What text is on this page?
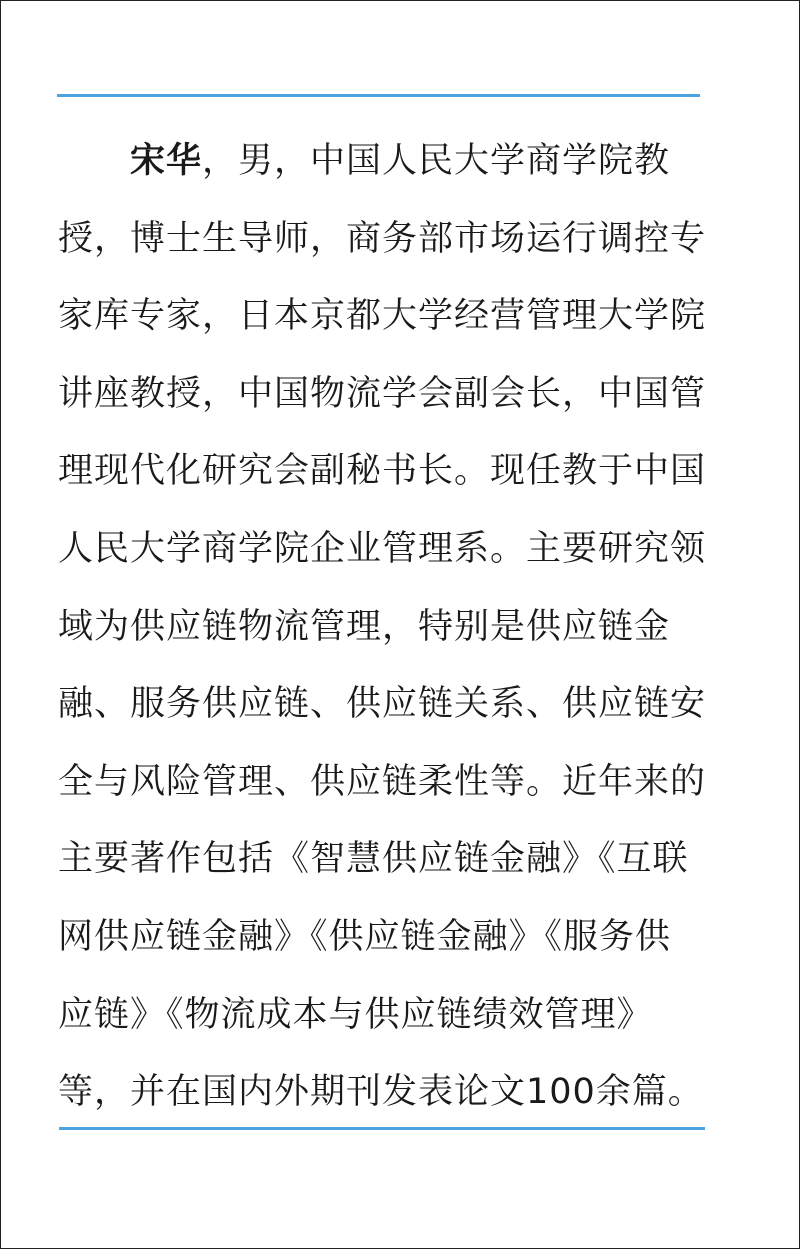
宋华，男，中国人民大学商学院教
授，博士生导师，商务部市场运行调控专
家库专家，日本京都大学经营管理大学院
讲座教授，中国物流学会副会长，中国管
理现代化研究会副秘书长。现任教于中国
人民大学商学院企业管理系。主要研究领
域为供应链物流管理，特别是供应链金
融、服务供应链、供应链关系、供应链安
全与风险管理、供应链柔性等。近年来的
主要著作包括《智慧供应链金融》《互联
网供应链金融》《供应链金融》《服务供
应链》《物流成本与供应链绩效管理》
等，并在国内外期刊发表论文100余篇。
